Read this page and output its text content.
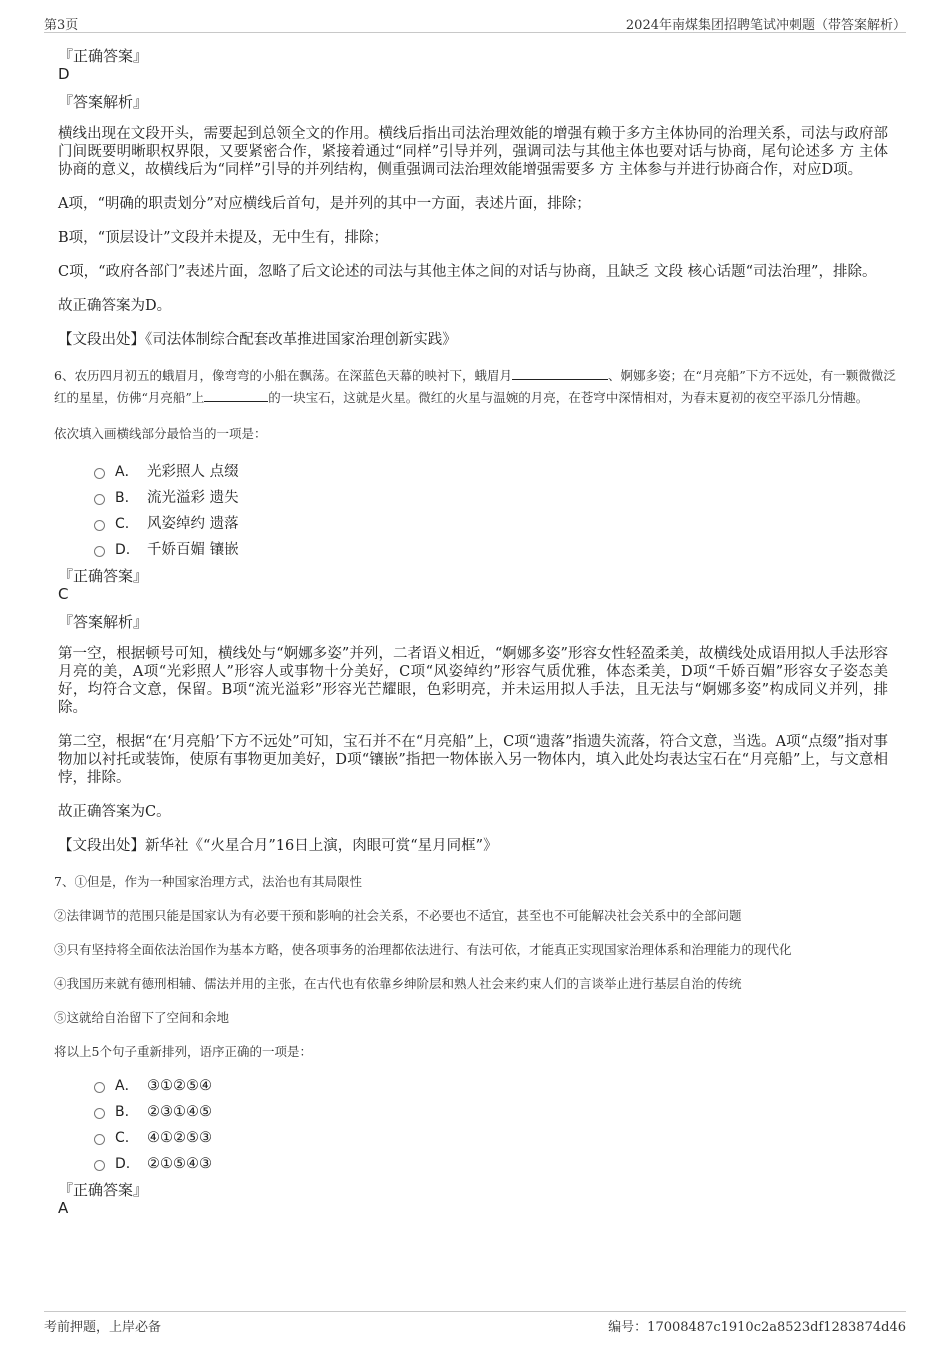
第3页	2024年南煤集团招聘笔试冲刺题（带答案解析）

『正确答案』

D

『答案解析』

横线出现在文段开头，需要起到总领全文的作用。横线后指出司法治理效能的增强有赖于多方主体协同的治理关系，司法与政府部门间既要明晰职权界限，又要紧密合作，紧接着通过“同样”引导并列，强调司法与其他主体也要对话与协商，尾句论述多 方 主体协商的意义，故横线后为“同样”引导的并列结构，侧重强调司法治理效能增强需要多 方 主体参与并进行协商合作，对应D项。

A项，“明确的职责划分”对应横线后首句，是并列的其中一方面，表述片面，排除；

B项，“顶层设计”文段并未提及，无中生有，排除；

C项，“政府各部门”表述片面，忽略了后文论述的司法与其他主体之间的对话与协商，且缺乏 文段 核心话题“司法治理”，排除。

故正确答案为D。

【文段出处】《司法体制综合配套改革推进国家治理创新实践》

6、农历四月初五的蛾眉月，像弯弯的小船在飘荡。在深蓝色天幕的映衬下，蛾眉月	、婀娜多姿；在“月亮船”下方不远处，有一颗微微泛红的星星，仿佛“月亮船”上	的一块宝石，这就是火星。微红的火星与温婉的月亮，在苍穹中深情相对，为春末夏初的夜空平添几分情趣。

依次填入画横线部分最恰当的一项是：

A． 光彩照人 点缀
B.	流光溢彩 遗失
C.	风姿绰约 遗落
D.	千娇百媚 镶嵌

『正确答案』

C

『答案解析』

第一空，根据顿号可知，横线处与“婀娜多姿”并列，二者语义相近，“婀娜多姿”形容女性轻盈柔美，故横线处成语用拟人手法形容月亮的美，A项“光彩照人”形容人或事物十分美好，C项“风姿绰约”形容气质优雅，体态柔美，D项“千娇百媚”形容女子姿态美好，均符合文意，保留。B项“流光溢彩”形容光芒耀眼，色彩明亮，并未运用拟人手法，且无法与“婀娜多姿”构成同义并列，排除。

第二空，根据“在‘月亮船’下方不远处”可知，宝石并不在“月亮船”上，C项“遗落”指遗失流落，符合文意，当选。A项“点缀”指对事物加以衬托或装饰，使原有事物更加美好，D项“镶嵌”指把一物体嵌入另一物体内，填入此处均表达宝石在“月亮船”上，与文意相悖，排除。

故正确答案为C。

【文段出处】新华社《“火星合月”16日上演，肉眼可赏“星月同框”》

7、①但是，作为一种国家治理方式，法治也有其局限性

②法律调节的范围只能是国家认为有必要干预和影响的社会关系，不必要也不适宜，甚至也不可能解决社会关系中的全部问题

③只有坚持将全面依法治国作为基本方略，使各项事务的治理都依法进行、有法可依，才能真正实现国家治理体系和治理能力的现代化

④我国历来就有德刑相辅、儒法并用的主张，在古代也有依靠乡绅阶层和熟人社会来约束人们的言谈举止进行基层自治的传统

⑤这就给自治留下了空间和余地

将以上5个句子重新排列，语序正确的一项是：

A． ③①②⑤④
B.	②③①④⑤
C.	④①②⑤③
D.	②①⑤④③

『正确答案』

A

考前押题，上岸必备	编号：17008487c1910c2a8523df1283874d46
